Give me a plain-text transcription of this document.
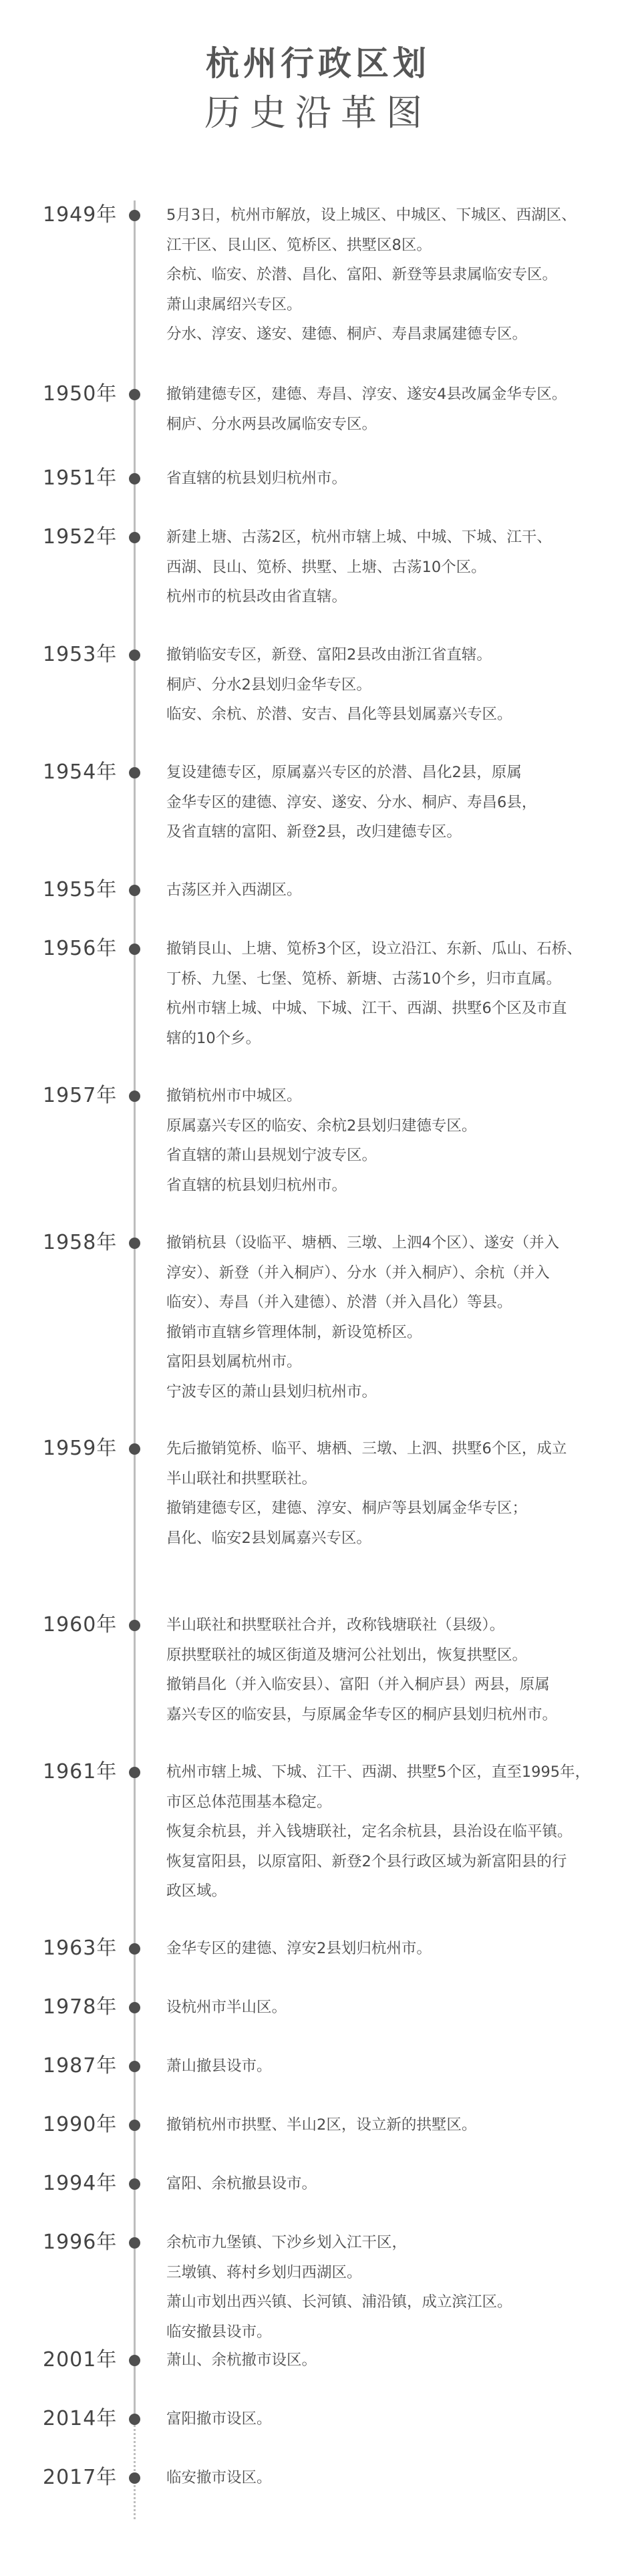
杭州行政区划
历史沿革图
1949年	5月3日，杭州市解放，设上城区、中城区、下城区、西湖区、
江干区、艮山区、笕桥区、拱墅区8区。
余杭、临安、於潜、昌化、富阳、新登等县隶属临安专区。
萧山隶属绍兴专区。
分水、淳安、遂安、建德、桐庐、寿昌隶属建德专区。
1950年	撤销建德专区，建德、寿昌、淳安、遂安4县改属金华专区。
桐庐、分水两县改属临安专区。
1951年	省直辖的杭县划归杭州市。
1952年	新建上塘、古荡2区，杭州市辖上城、中城、下城、江干、
西湖、艮山、笕桥、拱墅、上塘、古荡10个区。
杭州市的杭县改由省直辖。
1953年	撤销临安专区，新登、富阳2县改由浙江省直辖。
桐庐、分水2县划归金华专区。
临安、余杭、於潜、安吉、昌化等县划属嘉兴专区。
1954年	复设建德专区，原属嘉兴专区的於潜、昌化2县，原属
金华专区的建德、淳安、遂安、分水、桐庐、寿昌6县，
及省直辖的富阳、新登2县，改归建德专区。
1955年	古荡区并入西湖区。
1956年	撤销艮山、上塘、笕桥3个区，设立沿江、东新、瓜山、石桥、
丁桥、九堡、七堡、笕桥、新塘、古荡10个乡，归市直属。
杭州市辖上城、中城、下城、江干、西湖、拱墅6个区及市直
辖的10个乡。
1957年	撤销杭州市中城区。
原属嘉兴专区的临安、余杭2县划归建德专区。
省直辖的萧山县规划宁波专区。
省直辖的杭县划归杭州市。
1958年	撤销杭县（设临平、塘栖、三墩、上泗4个区）、遂安（并入
淳安）、新登（并入桐庐）、分水（并入桐庐）、余杭（并入
临安）、寿昌（并入建德）、於潜（并入昌化）等县。
撤销市直辖乡管理体制，新设笕桥区。
富阳县划属杭州市。
宁波专区的萧山县划归杭州市。
1959年	先后撤销笕桥、临平、塘栖、三墩、上泗、拱墅6个区，成立
半山联社和拱墅联社。
撤销建德专区，建德、淳安、桐庐等县划属金华专区；
昌化、临安2县划属嘉兴专区。
1960年	半山联社和拱墅联社合并，改称钱塘联社（县级）。
原拱墅联社的城区街道及塘河公社划出，恢复拱墅区。
撤销昌化（并入临安县）、富阳（并入桐庐县）两县，原属
嘉兴专区的临安县，与原属金华专区的桐庐县划归杭州市。
1961年	杭州市辖上城、下城、江干、西湖、拱墅5个区，直至1995年，
市区总体范围基本稳定。
恢复余杭县，并入钱塘联社，定名余杭县，县治设在临平镇。
恢复富阳县，以原富阳、新登2个县行政区域为新富阳县的行
政区域。
1963年	金华专区的建德、淳安2县划归杭州市。
1978年	设杭州市半山区。
1987年	萧山撤县设市。
1990年	撤销杭州市拱墅、半山2区，设立新的拱墅区。
1994年	富阳、余杭撤县设市。
1996年	余杭市九堡镇、下沙乡划入江干区，
三墩镇、蒋村乡划归西湖区。
萧山市划出西兴镇、长河镇、浦沿镇，成立滨江区。
临安撤县设市。
2001年	萧山、余杭撤市设区。
2014年	富阳撤市设区。
2017年	临安撤市设区。
